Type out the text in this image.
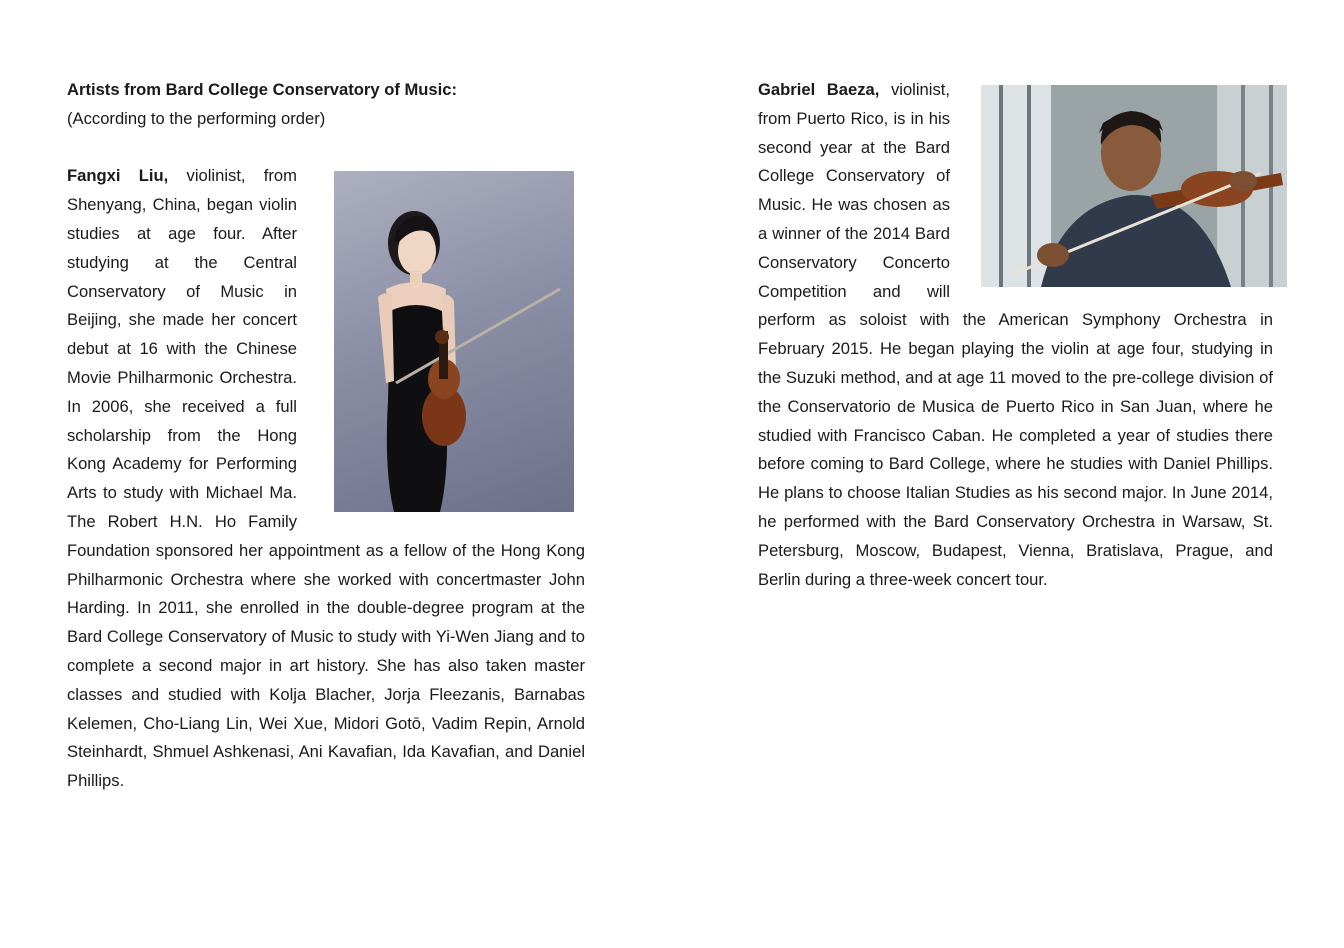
Artists from Bard College Conservatory of Music:

(According to the performing order)

Fangxi Liu, violinist, from Shenyang, China, began violin studies at age four. After studying at the Central Conservatory of Music in Beijing, she made her concert debut at 16 with the Chinese Movie Philharmonic Orchestra. In 2006, she received a full scholarship from the Hong Kong Academy for Performing Arts to study with Michael Ma. The Robert H.N. Ho Family Foundation sponsored her appointment as a fellow of the Hong Kong Philharmonic Orchestra where she worked with concertmaster John Harding. In 2011, she enrolled in the double-degree program at the Bard College Conservatory of Music to study with Yi-Wen Jiang and to complete a second major in art history. She has also taken master classes and studied with Kolja Blacher, Jorja Fleezanis, Barnabas Kelemen, Cho-Liang Lin, Wei Xue, Midori Gotō, Vadim Repin, Arnold Steinhardt, Shmuel Ashkenasi, Ani Kavafian, Ida Kavafian, and Daniel Phillips.

Gabriel Baeza, violinist, from Puerto Rico, is in his second year at the Bard College Conservatory of Music. He was chosen as a winner of the 2014 Bard Conservatory Concerto Competition and will perform as soloist with the American Symphony Orchestra in February 2015. He began playing the violin at age four, studying in the Suzuki method, and at age 11 moved to the pre-college division of the Conservatorio de Musica de Puerto Rico in San Juan, where he studied with Francisco Caban. He completed a year of studies there before coming to Bard College, where he studies with Daniel Phillips. He plans to choose Italian Studies as his second major. In June 2014, he performed with the Bard Conservatory Orchestra in Warsaw, St. Petersburg, Moscow, Budapest, Vienna, Bratislava, Prague, and Berlin during a three-week concert tour.
